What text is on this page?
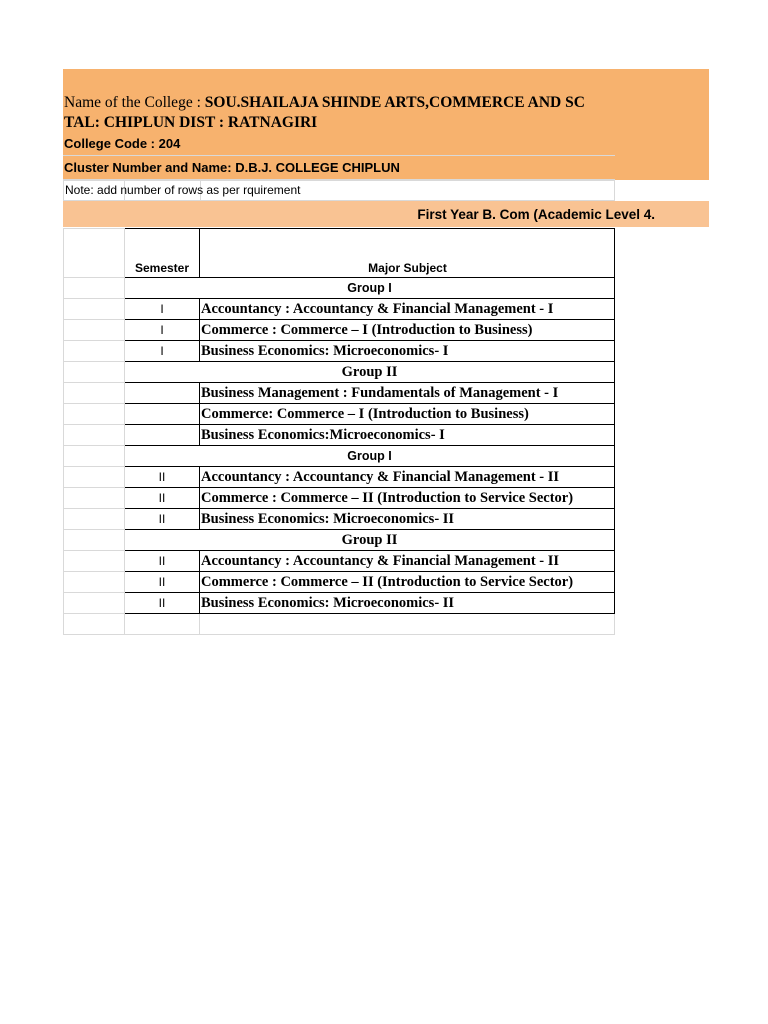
Name of the College : SOU.SHAILAJA SHINDE ARTS,COMMERCE AND SC
TAL: CHIPLUN DIST : RATNAGIRI
College Code : 204
Cluster Number and Name: D.B.J. COLLEGE CHIPLUN
Note: add number of rows as per rquirement
First Year B. Com (Academic Level 4.
	Semester	Major Subject
	Group I	
	I	Accountancy : Accountancy & Financial Management - I
	I	Commerce : Commerce – I (Introduction to Business)
	I	Business Economics: Microeconomics- I
	Group II	
		Business Management : Fundamentals of Management - I
		Commerce: Commerce – I (Introduction to Business)
		Business Economics:Microeconomics- I
	Group I	
	II	Accountancy : Accountancy & Financial Management - II
	II	Commerce : Commerce – II (Introduction to Service Sector)
	II	Business Economics: Microeconomics- II
	Group II	
	II	Accountancy : Accountancy & Financial Management - II
	II	Commerce : Commerce – II (Introduction to Service Sector)
	II	Business Economics: Microeconomics- II
